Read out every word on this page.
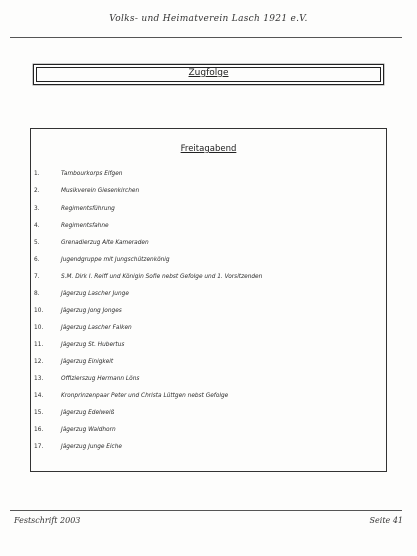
Volks- und Heimatverein Lasch 1921 e.V.
Zugfolge
Freitagabend
1.	Tambourkorps Elfgen
2.	Musikverein Giesenkirchen
3.	Regimentsführung
4.	Regimentsfahne
5.	Grenadierzug Alte Kameraden
6.	Jugendgruppe mit Jungschützenkönig
7.	S.M. Dirk I. Reiff und Königin Sofie nebst Gefolge und 1. Vorsitzenden
8.	Jägerzug Lascher Junge
10.	Jägerzug Jong Jonges
10.	Jägerzug Lascher Falken
11.	Jägerzug St. Hubertus
12.	Jägerzug Einigkeit
13.	Offizierszug Hermann Löns
14.	Kronprinzenpaar Peter und Christa Lüttgen nebst Gefolge
15.	Jägerzug Edelweiß
16.	Jägerzug Waldhorn
17.	Jägerzug Junge Eiche
Festschrift 2003	Seite 41
